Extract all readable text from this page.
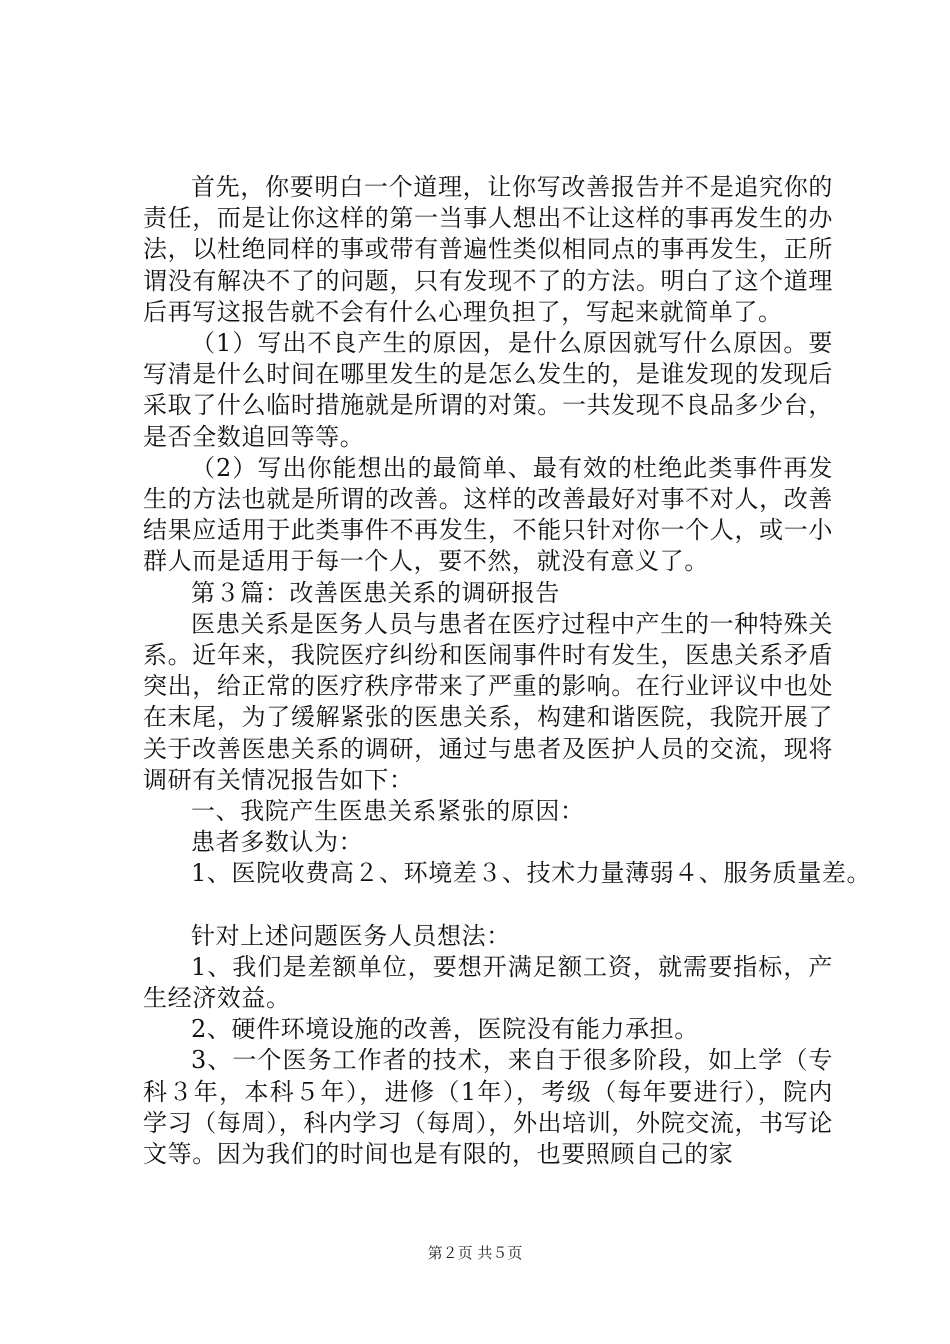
首先，你要明白一个道理，让你写改善报告并不是追究你的责任，而是让你这样的第一当事人想出不让这样的事再发生的办法，以杜绝同样的事或带有普遍性类似相同点的事再发生，正所谓没有解决不了的问题，只有发现不了的方法。明白了这个道理后再写这报告就不会有什么心理负担了，写起来就简单了。

（1）写出不良产生的原因，是什么原因就写什么原因。要写清是什么时间在哪里发生的是怎么发生的，是谁发现的发现后采取了什么临时措施就是所谓的对策。一共发现不良品多少台，是否全数追回等等。

（2）写出你能想出的最简单、最有效的杜绝此类事件再发生的方法也就是所谓的改善。这样的改善最好对事不对人，改善结果应适用于此类事件不再发生，不能只针对你一个人，或一小群人而是适用于每一个人，要不然，就没有意义了。

第３篇：改善医患关系的调研报告

医患关系是医务人员与患者在医疗过程中产生的一种特殊关系。近年来，我院医疗纠纷和医闹事件时有发生，医患关系矛盾突出，给正常的医疗秩序带来了严重的影响。在行业评议中也处在末尾，为了缓解紧张的医患关系，构建和谐医院，我院开展了关于改善医患关系的调研，通过与患者及医护人员的交流，现将调研有关情况报告如下：

一、我院产生医患关系紧张的原因：

患者多数认为：

1、医院收费高２、环境差３、技术力量薄弱４、服务质量差。

针对上述问题医务人员想法：

1、我们是差额单位，要想开满足额工资，就需要指标，产生经济效益。

2、硬件环境设施的改善，医院没有能力承担。

3、一个医务工作者的技术，来自于很多阶段，如上学（专科３年，本科５年），进修（1年），考级（每年要进行），院内学习（每周），科内学习（每周），外出培训，外院交流，书写论文等。因为我们的时间也是有限的，也要照顾自己的家

第２页 共５页
